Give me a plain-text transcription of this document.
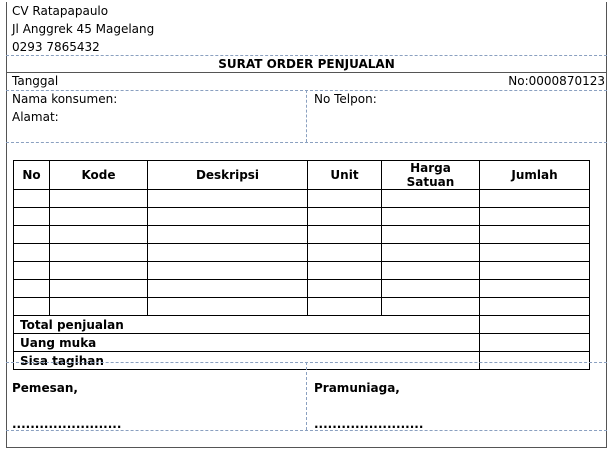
CV Ratapapaulo
Jl Anggrek 45 Magelang
0293 7865432
SURAT ORDER PENJUALAN
Tanggal	No:0000870123
Nama konsumen:
Alamat:
No Telpon:
No	Kode	Deskripsi	Unit	Harga Satuan	Jumlah

Total penjualan					
Uang muka					
Sisa tagihan					
Pemesan,
........................
Pramuniaga,
........................
